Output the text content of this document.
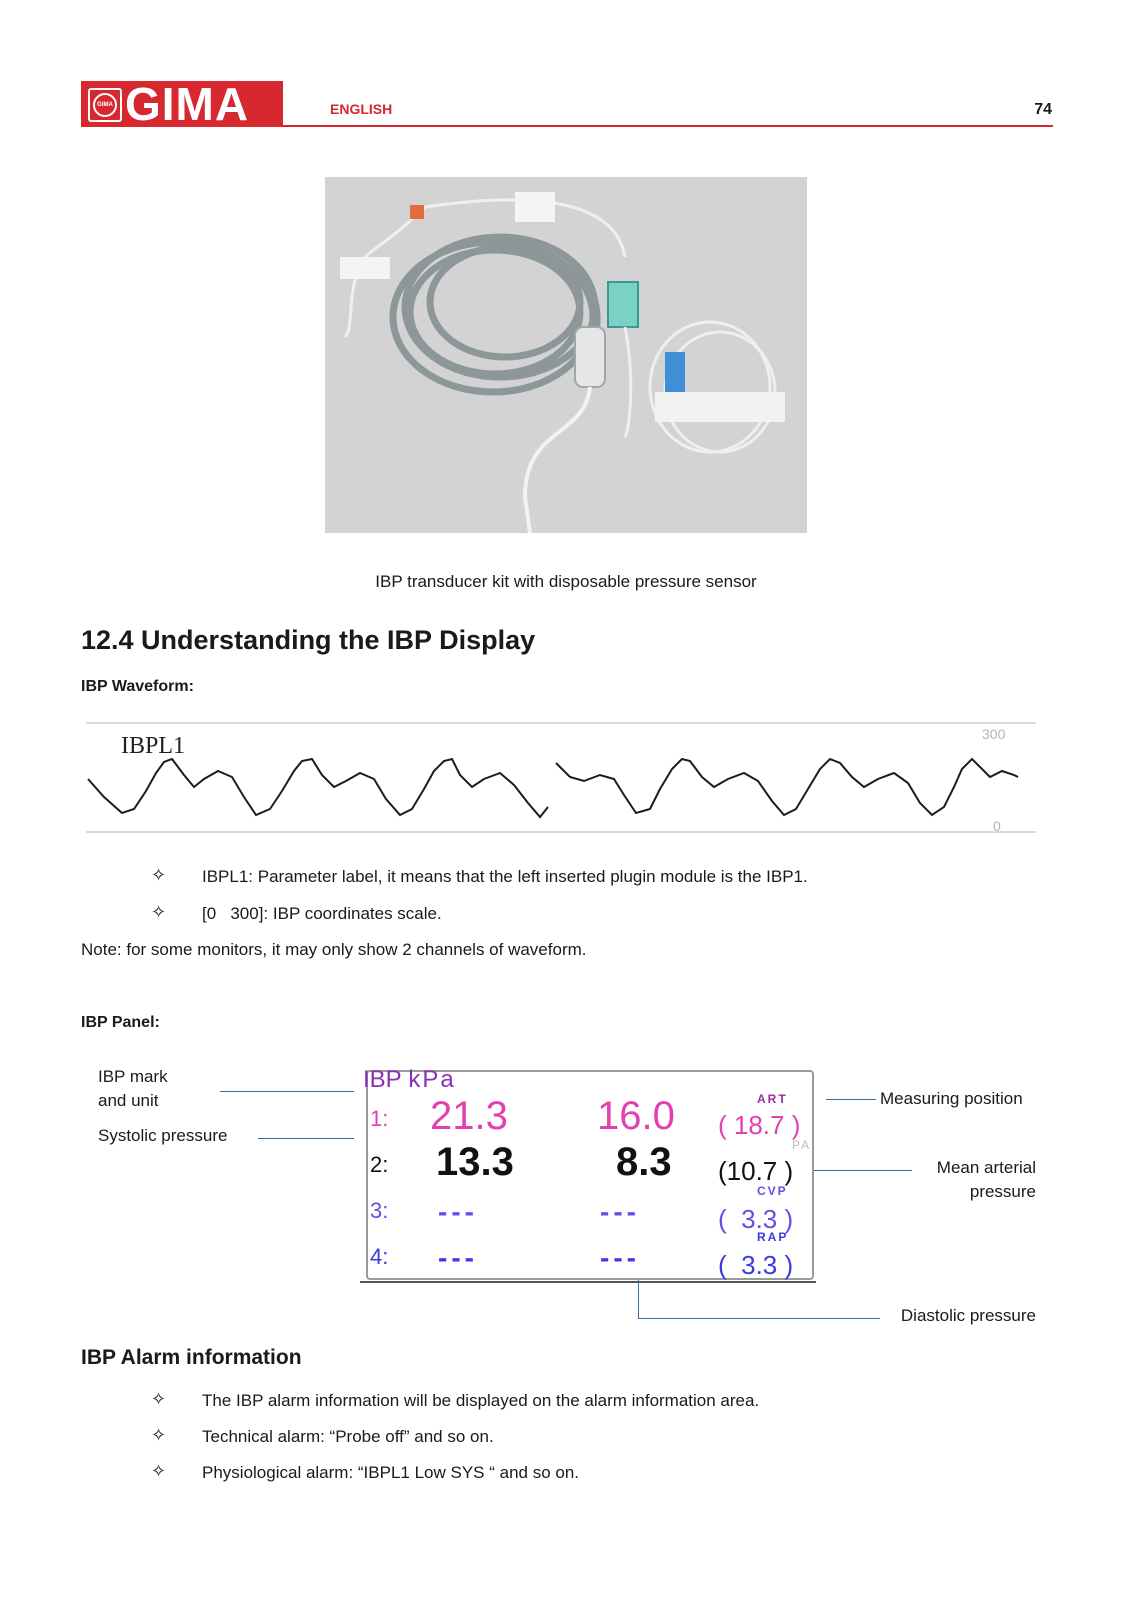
GIMA GIMA	ENGLISH	74
IBP transducer kit with disposable pressure sensor
12.4 Understanding the IBP Display
IBP Waveform:
IBPL1	300
0
✧ IBPL1: Parameter label, it means that the left inserted plugin module is the IBP1.
✧ [0   300]: IBP coordinates scale.
Note: for some monitors, it may only show 2 channels of waveform.
IBP Panel:
IBP mark
and unit
Systolic pressure
Measuring position
Mean arterial
pressure
Diastolic pressure
IBP kPa
1: 21.3 16.0 ( 18.7 )
ART
2: 13.3	8.3 (10.7 )
PA
3: ---	---	(  3.3 )
CVP
4: ---	---	(  3.3 )
RAP
IBP Alarm information
✧ The IBP alarm information will be displayed on the alarm information area.
✧ Technical alarm: “Probe off” and so on.
✧ Physiological alarm: “IBPL1 Low SYS “ and so on.
